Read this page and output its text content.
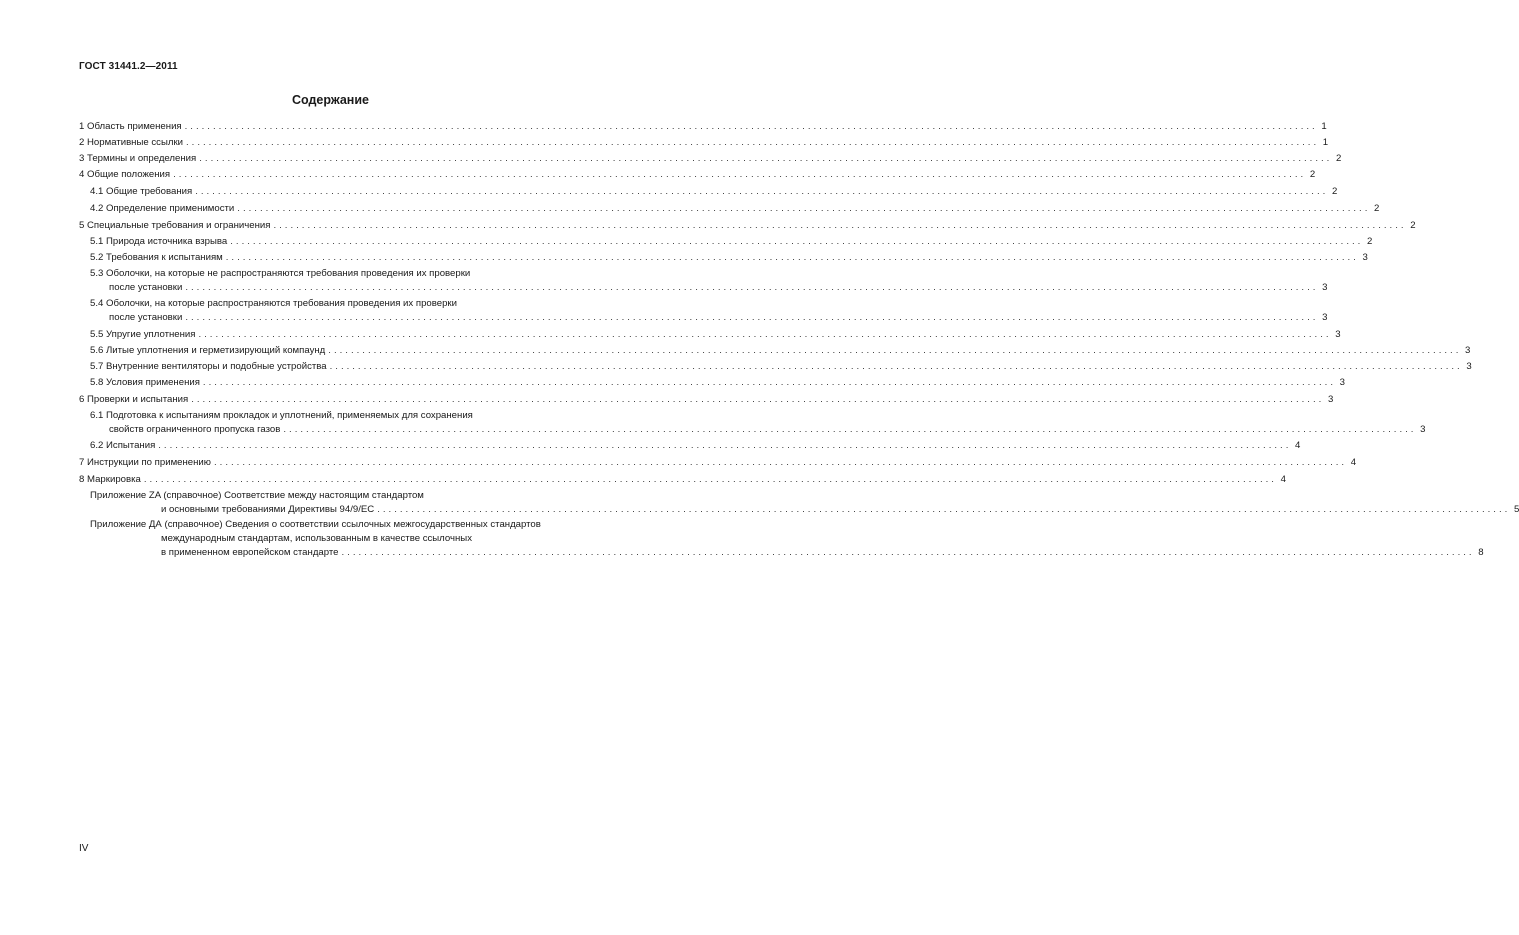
ГОСТ 31441.2—2011
Содержание
1 Область применения ........................................................................................................................................................................................................ 1
2 Нормативные ссылки ........................................................................................................................................................................................................ 1
3 Термины и определения ........................................................................................................................................................................................................ 2
4 Общие положения ........................................................................................................................................................................................................ 2
4.1 Общие требования ........................................................................................................................................................................................................ 2
4.2 Определение применимости ........................................................................................................................................................................................................ 2
5 Специальные требования и ограничения ........................................................................................................................................................................................................ 2
5.1 Природа источника взрыва ........................................................................................................................................................................................................ 2
5.2 Требования к испытаниям ........................................................................................................................................................................................................ 3
5.3 Оболочки, на которые не распространяются требования проведения их проверки
после установки ........................................................................................................................................................................................................ 3
5.4 Оболочки, на которые распространяются требования проведения их проверки
после установки ........................................................................................................................................................................................................ 3
5.5 Упругие уплотнения ........................................................................................................................................................................................................ 3
5.6 Литые уплотнения и герметизирующий компаунд ........................................................................................................................................................................................................ 3
5.7 Внутренние вентиляторы и подобные устройства ........................................................................................................................................................................................................ 3
5.8 Условия применения ........................................................................................................................................................................................................ 3
6 Проверки и испытания ........................................................................................................................................................................................................ 3
6.1 Подготовка к испытаниям прокладок и уплотнений, применяемых для сохранения
свойств ограниченного пропуска газов ........................................................................................................................................................................................................ 3
6.2 Испытания ........................................................................................................................................................................................................ 4
7 Инструкции по применению ........................................................................................................................................................................................................ 4
8 Маркировка ........................................................................................................................................................................................................ 4
Приложение ZA (справочное) Соответствие между настоящим стандартом
и основными требованиями Директивы 94/9/ЕС ........................................................................................................................................................................................................ 5
Приложение ДА (справочное) Сведения о соответствии ссылочных межгосударственных стандартов
международным стандартам, использованным в качестве ссылочных
в примененном европейском стандарте ........................................................................................................................................................................................................ 8
IV
